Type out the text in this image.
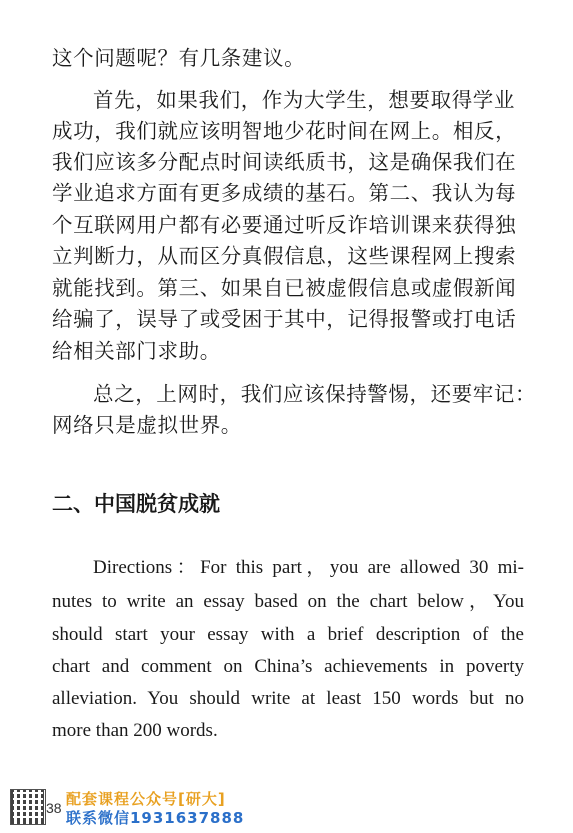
这个问题呢？有几条建议。
首先，如果我们，作为大学生，想要取得学业
成功，我们就应该明智地少花时间在网上。相反，
我们应该多分配点时间读纸质书，这是确保我们在
学业追求方面有更多成绩的基石。第二、我认为每
个互联网用户都有必要通过听反诈培训课来获得独
立判断力，从而区分真假信息，这些课程网上搜索
就能找到。第三、如果自已被虚假信息或虚假新闻
给骗了，误导了或受困于其中，记得报警或打电话
给相关部门求助。
总之，上网时，我们应该保持警惕，还要牢记：
网络只是虚拟世界。
二、中国脱贫成就
Directions：For this part，you are allowed 30 mi-
nutes to write an essay based on the chart below，You
should start your essay with a brief description of the
chart and comment on China’s achievements in poverty
alleviation. You should write at least 150 words but no
more than 200 words.
38 配套课程公众号[研大]
联系微信1931637888
